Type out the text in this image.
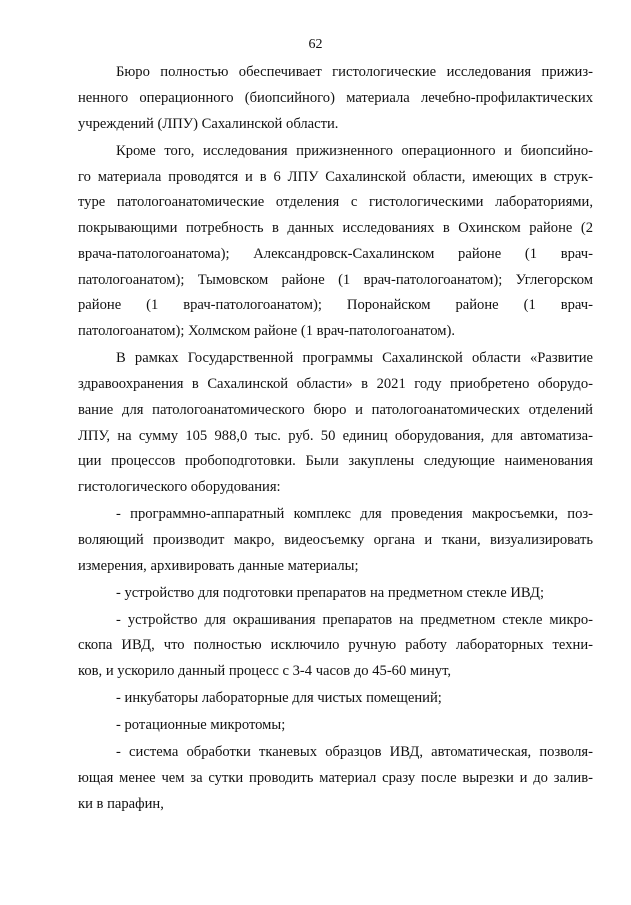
62
Бюро полностью обеспечивает гистологические исследования прижиз-
ненного операционного (биопсийного) материала лечебно-профилактических
учреждений (ЛПУ) Сахалинской области.
Кроме того, исследования прижизненного операционного и биопсийно-
го материала проводятся и в 6 ЛПУ Сахалинской области, имеющих в струк-
туре патологоанатомические отделения с гистологическими лабораториями,
покрывающими потребность в данных исследованиях в Охинском районе (2
врача-патологоанатома); Александровск-Сахалинском районе (1 врач-
патологоанатом); Тымовском районе (1 врач-патологоанатом); Углегорском
районе (1 врач-патологоанатом); Поронайском районе (1 врач-
патологоанатом); Холмском районе (1 врач-патологоанатом).
В рамках Государственной программы Сахалинской области «Развитие
здравоохранения в Сахалинской области» в 2021 году приобретено оборудо-
вание для патологоанатомического бюро и патологоанатомических отделений
ЛПУ, на сумму 105 988,0 тыс. руб. 50 единиц оборудования, для автоматиза-
ции процессов пробоподготовки. Были закуплены следующие наименования
гистологического оборудования:
- программно-аппаратный комплекс для проведения макросъемки, поз-
воляющий производит макро, видеосъемку органа и ткани, визуализировать
измерения, архивировать данные материалы;
- устройство для подготовки препаратов на предметном стекле ИВД;
- устройство для окрашивания препаратов на предметном стекле микро-
скопа ИВД, что полностью исключило ручную работу лабораторных техни-
ков, и ускорило данный процесс с 3-4 часов до 45-60 минут,
- инкубаторы лабораторные для чистых помещений;
- ротационные микротомы;
- система обработки тканевых образцов ИВД, автоматическая, позволя-
ющая менее чем за сутки проводить материал сразу после вырезки и до залив-
ки в парафин,
